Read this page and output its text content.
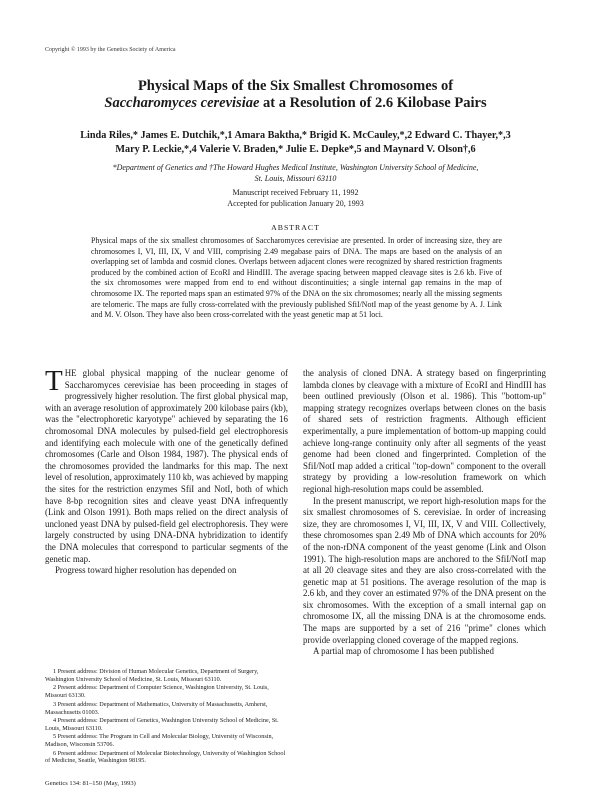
Copyright © 1993 by the Genetics Society of America
Physical Maps of the Six Smallest Chromosomes of
Saccharomyces cerevisiae at a Resolution of 2.6 Kilobase Pairs
Linda Riles,* James E. Dutchik,*,1 Amara Baktha,* Brigid K. McCauley,*,2 Edward C. Thayer,*,3
Mary P. Leckie,*,4 Valerie V. Braden,* Julie E. Depke*,5 and Maynard V. Olson†,6
*Department of Genetics and †The Howard Hughes Medical Institute, Washington University School of Medicine,
St. Louis, Missouri 63110
Manuscript received February 11, 1992
Accepted for publication January 20, 1993
ABSTRACT

Physical maps of the six smallest chromosomes of Saccharomyces cerevisiae are presented. In order of increasing size, they are chromosomes I, VI, III, IX, V and VIII, comprising 2.49 megabase pairs of DNA. The maps are based on the analysis of an overlapping set of lambda and cosmid clones. Overlaps between adjacent clones were recognized by shared restriction fragments produced by the combined action of EcoRI and HindIII. The average spacing between mapped cleavage sites is 2.6 kb. Five of the six chromosomes were mapped from end to end without discontinuities; a single internal gap remains in the map of chromosome IX. The reported maps span an estimated 97% of the DNA on the six chromosomes; nearly all the missing segments are telomeric. The maps are fully cross-correlated with the previously published SfiI/NotI map of the yeast genome by A. J. Link and M. V. Olson. They have also been cross-correlated with the yeast genetic map at 51 loci.

THE global physical mapping of the nuclear genome of Saccharomyces cerevisiae has been proceeding in stages of progressively higher resolution. The first global physical map, with an average resolution of approximately 200 kilobase pairs (kb), was the "electrophoretic karyotype" achieved by separating the 16 chromosomal DNA molecules by pulsed-field gel electrophoresis and identifying each molecule with one of the genetically defined chromosomes (Carle and Olson 1984, 1987). The physical ends of the chromosomes provided the landmarks for this map. The next level of resolution, approximately 110 kb, was achieved by mapping the sites for the restriction enzymes SfiI and NotI, both of which have 8-bp recognition sites and cleave yeast DNA infrequently (Link and Olson 1991). Both maps relied on the direct analysis of uncloned yeast DNA by pulsed-field gel electrophoresis. They were largely constructed by using DNA-DNA hybridization to identify the DNA molecules that correspond to particular segments of the genetic map.

Progress toward higher resolution has depended on

1 Present address: Division of Human Molecular Genetics, Department of Surgery, Washington University School of Medicine, St. Louis, Missouri 63110.

2 Present address: Department of Computer Science, Washington University, St. Louis, Missouri 63130.

3 Present address: Department of Mathematics, University of Massachusetts, Amherst, Massachusetts 01003.

4 Present address: Department of Genetics, Washington University School of Medicine, St. Louis, Missouri 63110.

5 Present address: The Program in Cell and Molecular Biology, University of Wisconsin, Madison, Wisconsin 53706.

6 Present address: Department of Molecular Biotechnology, University of Washington School of Medicine, Seattle, Washington 98195.

the analysis of cloned DNA. A strategy based on fingerprinting lambda clones by cleavage with a mixture of EcoRI and HindIII has been outlined previously (Olson et al. 1986). This "bottom-up" mapping strategy recognizes overlaps between clones on the basis of shared sets of restriction fragments. Although efficient experimentally, a pure implementation of bottom-up mapping could achieve long-range continuity only after all segments of the yeast genome had been cloned and fingerprinted. Completion of the SfiI/NotI map added a critical "top-down" component to the overall strategy by providing a low-resolution framework on which regional high-resolution maps could be assembled.

In the present manuscript, we report high-resolution maps for the six smallest chromosomes of S. cerevisiae. In order of increasing size, they are chromosomes I, VI, III, IX, V and VIII. Collectively, these chromosomes span 2.49 Mb of DNA which accounts for 20% of the non-rDNA component of the yeast genome (Link and Olson 1991). The high-resolution maps are anchored to the SfiI/NotI map at all 20 cleavage sites and they are also cross-correlated with the genetic map at 51 positions. The average resolution of the map is 2.6 kb, and they cover an estimated 97% of the DNA present on the six chromosomes. With the exception of a small internal gap on chromosome IX, all the missing DNA is at the chromosome ends. The maps are supported by a set of 216 "prime" clones which provide overlapping cloned coverage of the mapped regions.

A partial map of chromosome I has been published

Genetics 134: 81–150 (May, 1993)
